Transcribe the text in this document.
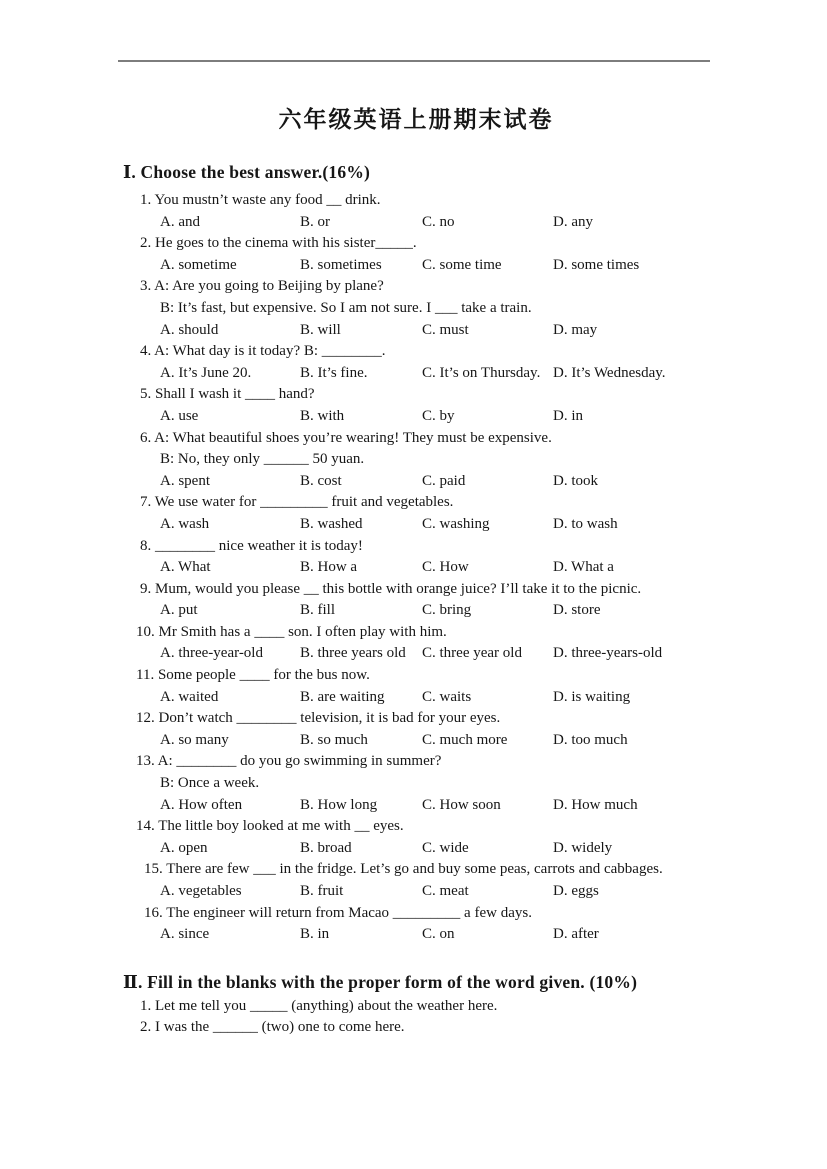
六年级英语上册期末试卷
Ⅰ. Choose the best answer.(16%)
1. You mustn’t waste any food __ drink.
A. and	B. or	C. no	D. any
2. He goes to the cinema with his sister_____.
A. sometime	B. sometimes	C. some time	D. some times
3. A: Are you going to Beijing by plane?
B: It’s fast, but expensive. So I am not sure. I ___ take a train.
A. should	B. will	C. must	D. may
4. A: What day is it today? B: ________.
A. It’s June 20.	B. It’s fine.	C. It’s on Thursday. D. It’s Wednesday.
5. Shall I wash it ____ hand?
A. use	B. with	C. by	D. in
6. A: What beautiful shoes you’re wearing! They must be expensive.
B: No, they only ______ 50 yuan.
A. spent	B. cost	C. paid	D. took
7. We use water for _________ fruit and vegetables.
A. wash	B. washed	C. washing	D. to wash
8. ________ nice weather it is today!
A. What	B. How a	C. How	D. What a
9. Mum, would you please __ this bottle with orange juice? I’ll take it to the picnic.
A. put	B. fill	C. bring	D. store
10. Mr Smith has a ____ son. I often play with him.
A. three-year-old	B. three years old	C. three year old	D. three-years-old
11. Some people ____ for the bus now.
A. waited	B. are waiting	C. waits	D. is waiting
12. Don’t watch ________ television, it is bad for your eyes.
A. so many	B. so much	C. much more	D. too much
13. A: ________ do you go swimming in summer?
B: Once a week.
A. How often	B. How long	C. How soon	D. How much
14. The little boy looked at me with __ eyes.
A. open	B. broad	C. wide	D. widely
15. There are few ___ in the fridge. Let’s go and buy some peas, carrots and cabbages.
A. vegetables	B. fruit	C. meat	D. eggs
16. The engineer will return from Macao _________ a few days.
A. since	B. in	C. on	D. after
Ⅱ. Fill in the blanks with the proper form of the word given. (10%)
1. Let me tell you _____ (anything) about the weather here.
2. I was the ______ (two) one to come here.
